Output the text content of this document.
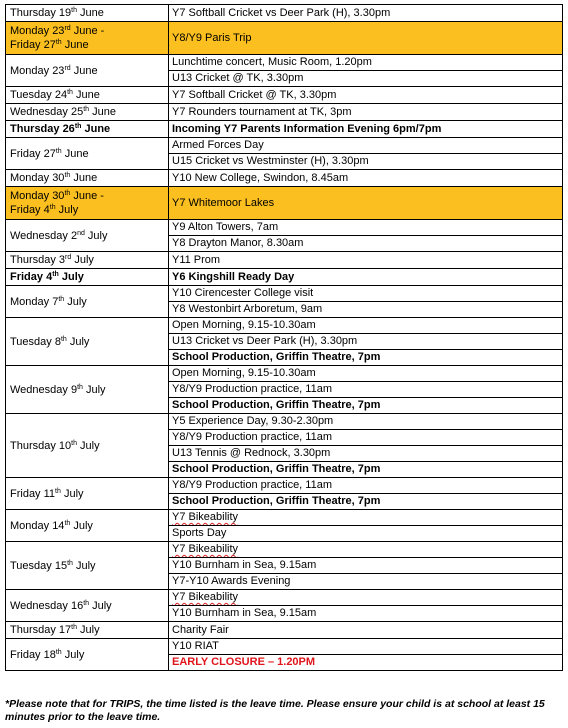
Thursday 19th June	Y7 Softball Cricket vs Deer Park (H), 3.30pm

Monday 23rd June -
Friday 27th June	Y8/Y9 Paris Trip

Monday 23rd June	Lunchtime concert, Music Room, 1.20pm
U13 Cricket @ TK, 3.30pm

Tuesday 24th June	Y7 Softball Cricket @ TK, 3.30pm

Wednesday 25th June	Y7 Rounders tournament at TK, 3pm

Thursday 26th June	Incoming Y7 Parents Information Evening 6pm/7pm

Friday 27th June	Armed Forces Day
U15 Cricket vs Westminster (H), 3.30pm

Monday 30th June	Y10 New College, Swindon, 8.45am

Monday 30th June -
Friday 4th July	Y7 Whitemoor Lakes

Wednesday 2nd July	Y9 Alton Towers, 7am
Y8 Drayton Manor, 8.30am

Thursday 3rd July	Y11 Prom

Friday 4th July	Y6 Kingshill Ready Day

Monday 7th July	Y10 Cirencester College visit
Y8 Westonbirt Arboretum, 9am

Tuesday 8th July	Open Morning, 9.15-10.30am
U13 Cricket vs Deer Park (H), 3.30pm
School Production, Griffin Theatre, 7pm

Wednesday 9th July	Open Morning, 9.15-10.30am
Y8/Y9 Production practice, 11am
School Production, Griffin Theatre, 7pm

Thursday 10th July	Y5 Experience Day, 9.30-2.30pm
Y8/Y9 Production practice, 11am
U13 Tennis @ Rednock, 3.30pm
School Production, Griffin Theatre, 7pm

Friday 11th July	Y8/Y9 Production practice, 11am
School Production, Griffin Theatre, 7pm

Monday 14th July	Y7 Bikeability
Sports Day

Tuesday 15th July	Y7 Bikeability
Y10 Burnham in Sea, 9.15am
Y7-Y10 Awards Evening

Wednesday 16th July	Y7 Bikeability
Y10 Burnham in Sea, 9.15am

Thursday 17th July	Charity Fair

Friday 18th July	Y10 RIAT
EARLY CLOSURE – 1.20PM
*Please note that for TRIPS, the time listed is the leave time. Please ensure your child is at school at least 15 minutes prior to the leave time.
